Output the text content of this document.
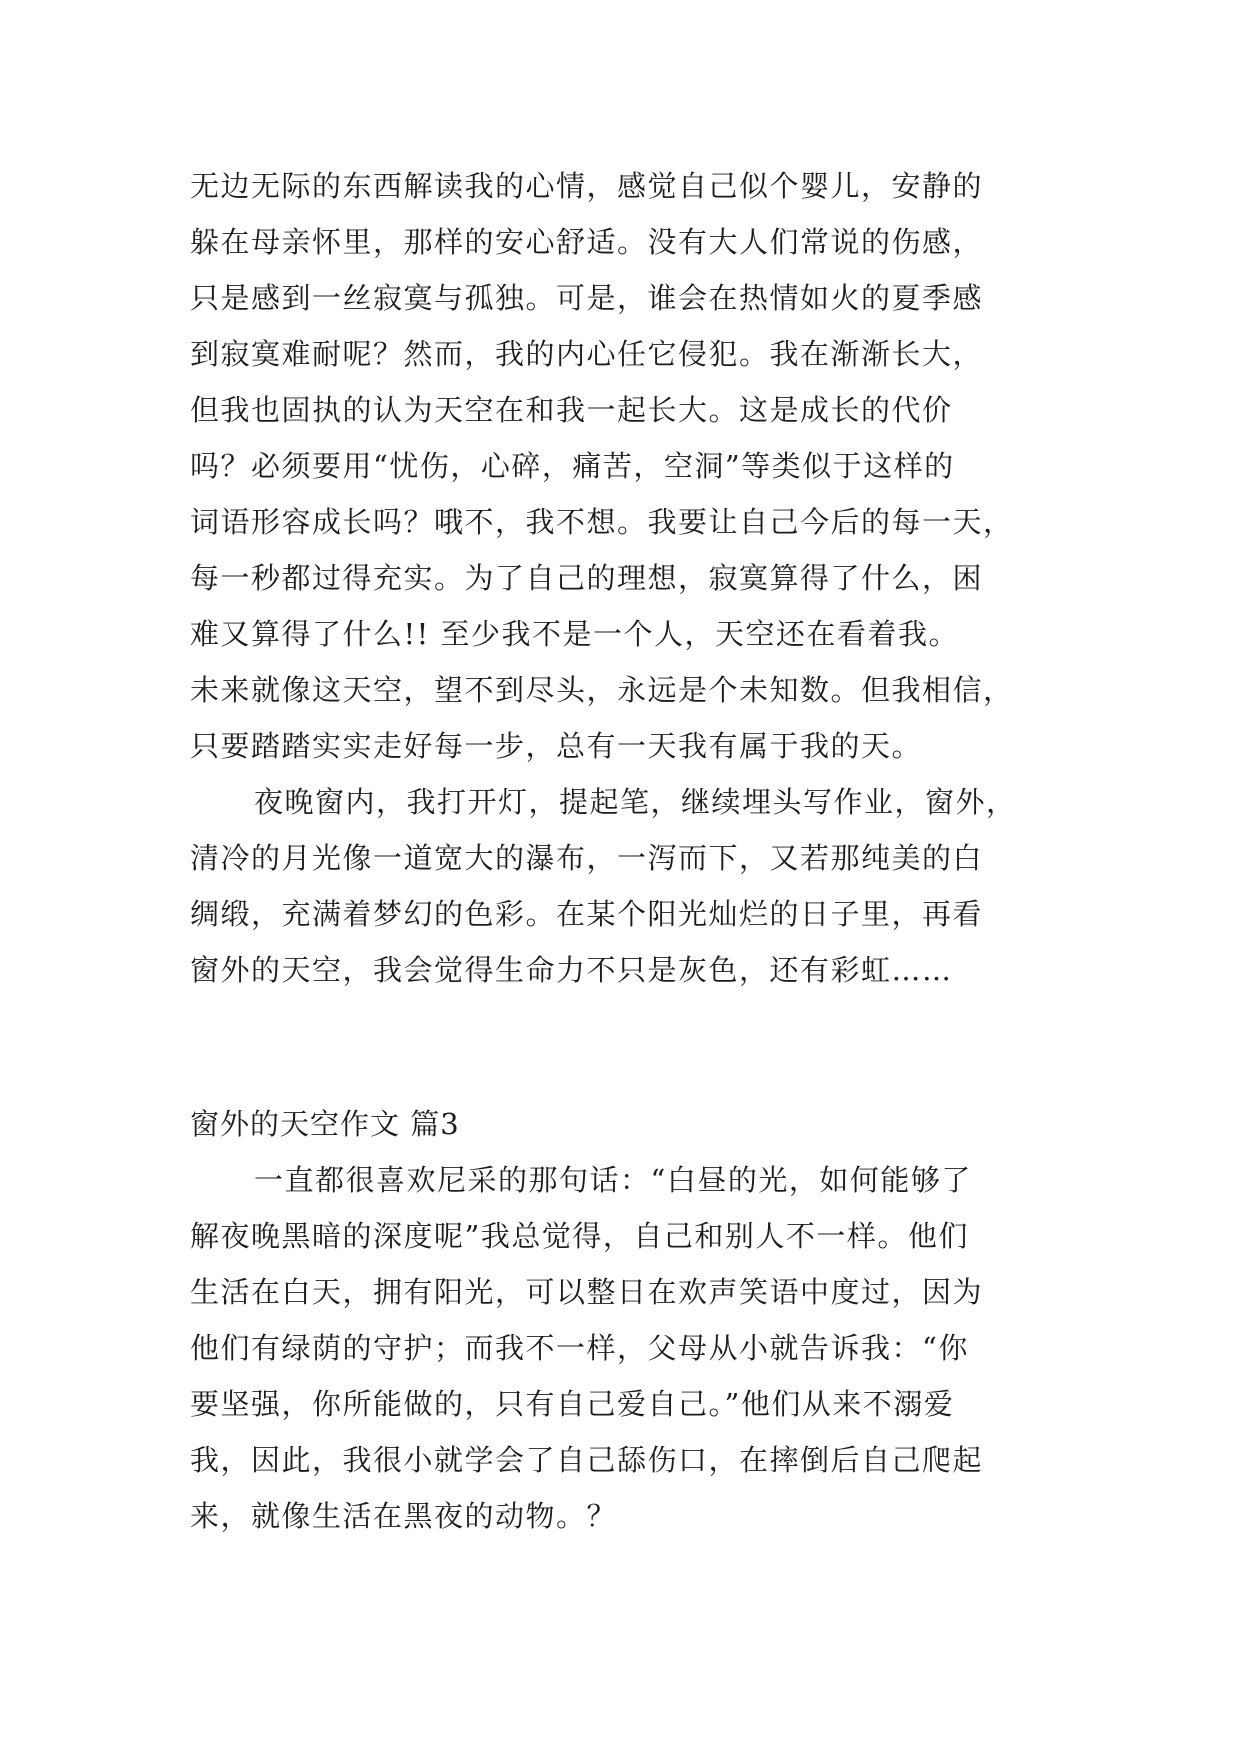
无边无际的东西解读我的心情，感觉自己似个婴儿，安静的
躲在母亲怀里，那样的安心舒适。没有大人们常说的伤感，
只是感到一丝寂寞与孤独。可是，谁会在热情如火的夏季感
到寂寞难耐呢？然而，我的内心任它侵犯。我在渐渐长大，
但我也固执的认为天空在和我一起长大。这是成长的代价
吗？必须要用“忧伤，心碎，痛苦，空洞”等类似于这样的
词语形容成长吗？哦不，我不想。我要让自己今后的每一天，
每一秒都过得充实。为了自己的理想，寂寞算得了什么，困
难又算得了什么!! 至少我不是一个人，天空还在看着我。
未来就像这天空，望不到尽头，永远是个未知数。但我相信，
只要踏踏实实走好每一步，总有一天我有属于我的天。
夜晚窗内，我打开灯，提起笔，继续埋头写作业，窗外，
清冷的月光像一道宽大的瀑布，一泻而下，又若那纯美的白
绸缎，充满着梦幻的色彩。在某个阳光灿烂的日子里，再看
窗外的天空，我会觉得生命力不只是灰色，还有彩虹……
窗外的天空作文 篇3
一直都很喜欢尼采的那句话：“白昼的光，如何能够了
解夜晚黑暗的深度呢”我总觉得，自己和别人不一样。他们
生活在白天，拥有阳光，可以整日在欢声笑语中度过，因为
他们有绿荫的守护；而我不一样，父母从小就告诉我：“你
要坚强，你所能做的，只有自己爱自己。”他们从来不溺爱
我，因此，我很小就学会了自己舔伤口，在摔倒后自己爬起
来，就像生活在黑夜的动物。？
